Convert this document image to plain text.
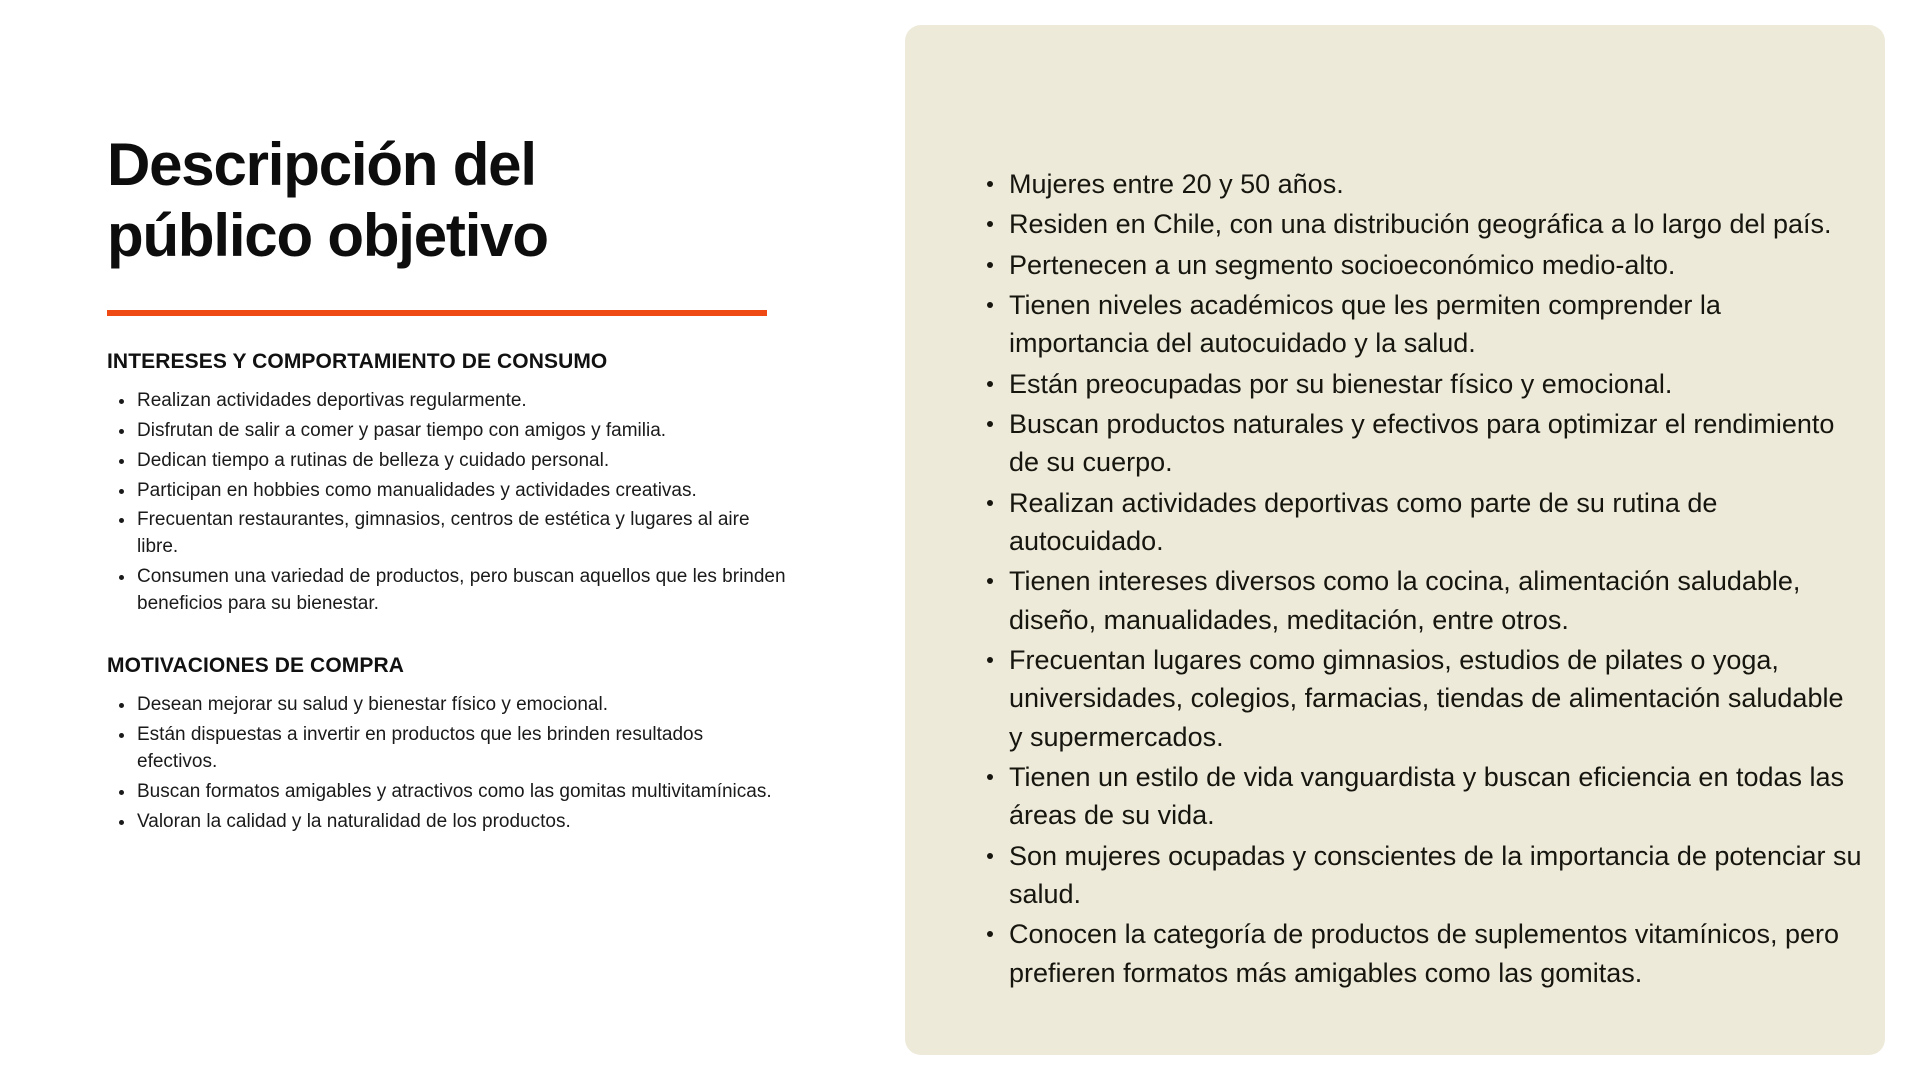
Descripción del público objetivo
INTERESES Y COMPORTAMIENTO DE CONSUMO
Realizan actividades deportivas regularmente.
Disfrutan de salir a comer y pasar tiempo con amigos y familia.
Dedican tiempo a rutinas de belleza y cuidado personal.
Participan en hobbies como manualidades y actividades creativas.
Frecuentan restaurantes, gimnasios, centros de estética y lugares al aire libre.
Consumen una variedad de productos, pero buscan aquellos que les brinden beneficios para su bienestar.
MOTIVACIONES DE COMPRA
Desean mejorar su salud y bienestar físico y emocional.
Están dispuestas a invertir en productos que les brinden resultados efectivos.
Buscan formatos amigables y atractivos como las gomitas multivitamínicas.
Valoran la calidad y la naturalidad de los productos.
Mujeres entre 20 y 50 años.
Residen en Chile, con una distribución geográfica a lo largo del país.
Pertenecen a un segmento socioeconómico medio-alto.
Tienen niveles académicos que les permiten comprender la importancia del autocuidado y la salud.
Están preocupadas por su bienestar físico y emocional.
Buscan productos naturales y efectivos para optimizar el rendimiento de su cuerpo.
Realizan actividades deportivas como parte de su rutina de autocuidado.
Tienen intereses diversos como la cocina, alimentación saludable, diseño, manualidades, meditación, entre otros.
Frecuentan lugares como gimnasios, estudios de pilates o yoga, universidades, colegios, farmacias, tiendas de alimentación saludable y supermercados.
Tienen un estilo de vida vanguardista y buscan eficiencia en todas las áreas de su vida.
Son mujeres ocupadas y conscientes de la importancia de potenciar su salud.
Conocen la categoría de productos de suplementos vitamínicos, pero prefieren formatos más amigables como las gomitas.
